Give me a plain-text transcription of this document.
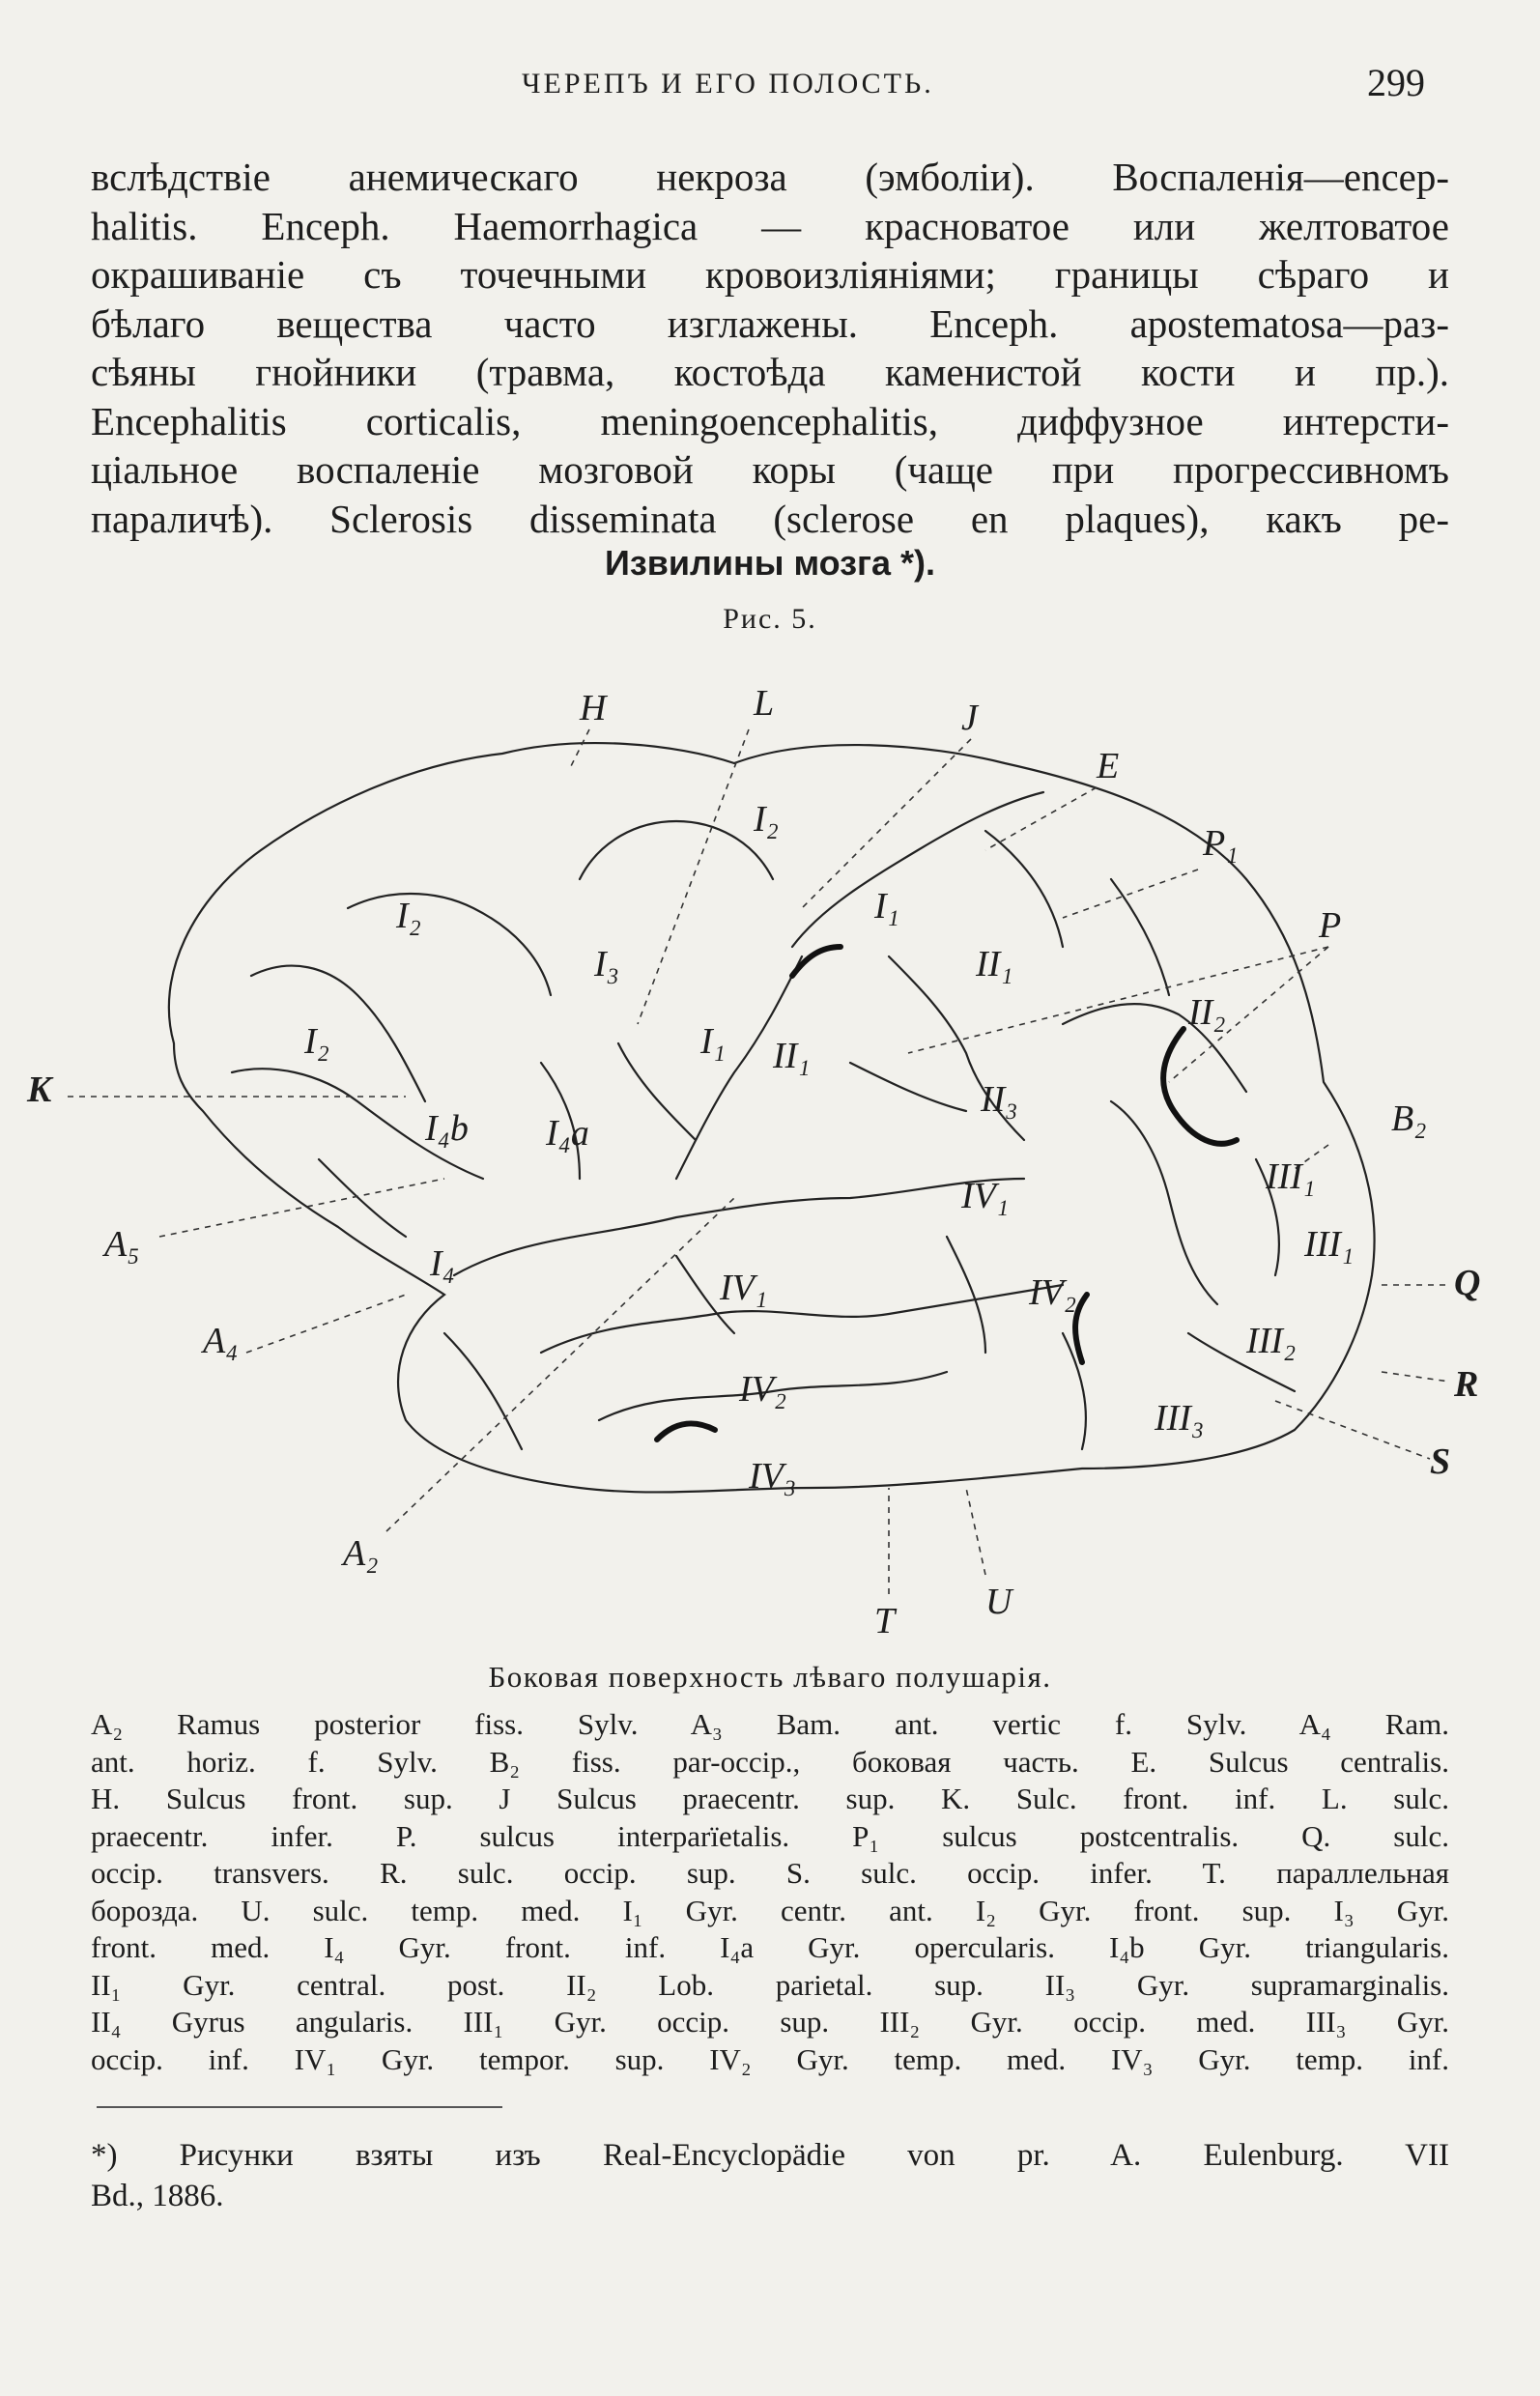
ЧЕРЕПЪ И ЕГО ПОЛОСТЬ.	299
вслѣдствіе анемическаго некроза (эмболіи). Воспаленія—encep-
halitis. Enceph. Haemorrhagica — красноватое или желтоватое
окрашиваніе съ точечными кровоизліяніями; границы сѣраго и
бѣлаго вещества часто изглажены. Enceph. apostematosa—раз-
сѣяны гнойники (травма, костоѣда каменистой кости и пр.).
Encephalitis corticalis, meningoencephalitis, диффузное интерсти-
ціальное воспаленіе мозговой коры (чаще при прогрессивномъ
параличѣ). Sclerosis disseminata (sclerose en plaques), какъ ре-
Извилины мозга *).
Рис. 5.
H	L	J
E
P₁
P
K
B₂
Q
R
S
T U
A₅
A₄
A₂
I₂
I₂
I₂
I₃
I₁
I₁
I₄b I₄a
I₄
II₁
II₁
II₂
II₃
IV₁
IV₁	IV₂
IV₂
IV₃
III₁
III₁
III₂
III₃
Боковая поверхность лѣваго полушарія.
A₂ Ramus posterior fiss. Sylv. A₃ Bam. ant. vertic f. Sylv. A₄ Ram.
ant. horiz. f. Sylv. B₂ fiss. par-occip., боковая часть. E. Sulcus centralis.
H. Sulcus front. sup. J Sulcus praecentr. sup. K. Sulc. front. inf. L. sulc.
praecentr. infer. P. sulcus interparïetalis. P₁ sulcus postcentralis. Q. sulc.
occip. transvers. R. sulc. occip. sup. S. sulc. occip. infer. T. параллельная
борозда. U. sulc. temp. med. I₁ Gyr. centr. ant. I₂ Gyr. front. sup. I₃ Gyr.
front. med. I₄ Gyr. front. inf. I₄a Gyr. opercularis. I₄b Gyr. triangularis.
II₁ Gyr. central. post. II₂ Lob. parietal. sup. II₃ Gyr. supramarginalis.
II₄ Gyrus angularis. III₁ Gyr. occip. sup. III₂ Gyr. occip. med. III₃ Gyr.
occip. inf. IV₁ Gyr. tempor. sup. IV₂ Gyr. temp. med. IV₃ Gyr. temp. inf.
*) Рисунки взяты изъ Real-Encyclopädie von pr. A. Eulenburg. VII
Bd., 1886.
